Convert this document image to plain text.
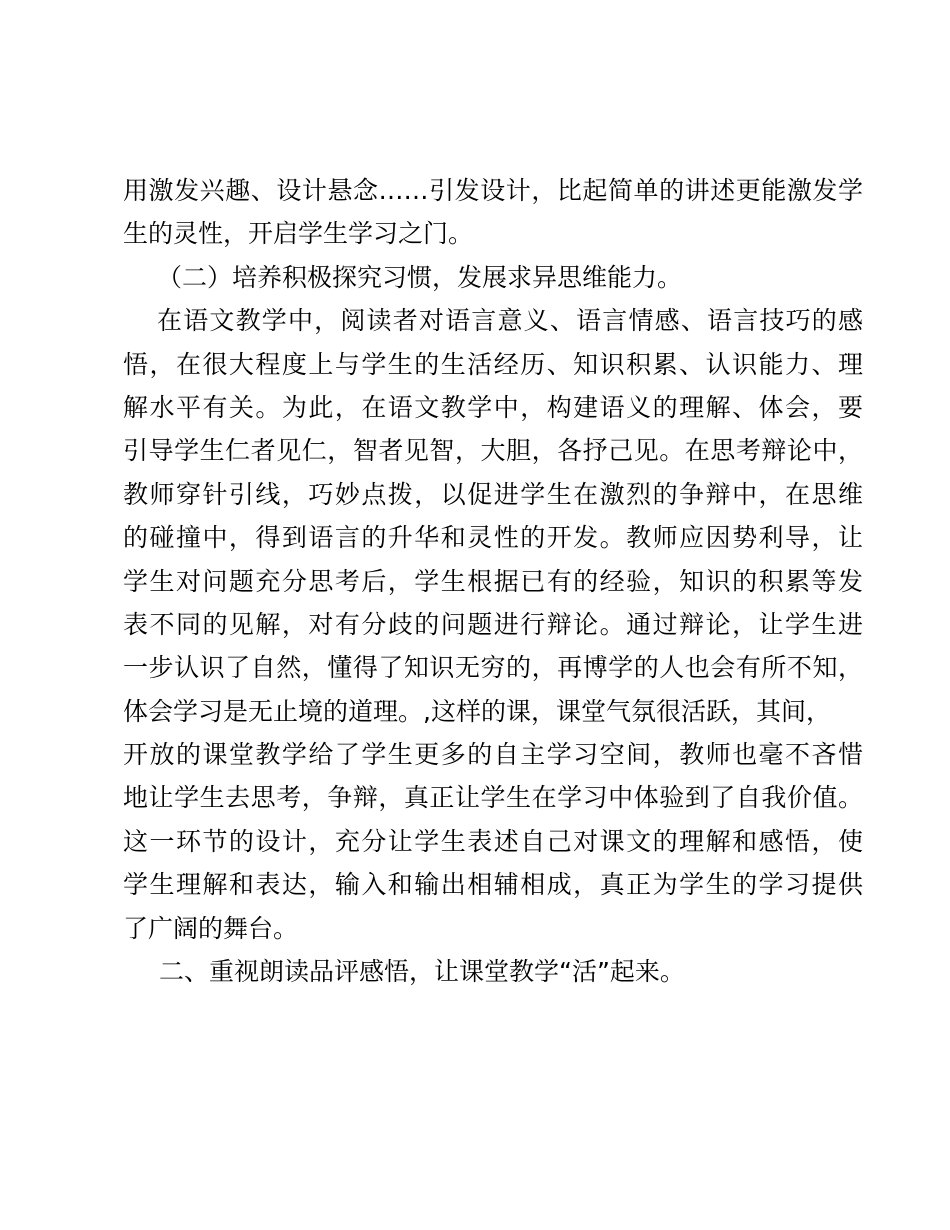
用激发兴趣、设计悬念……引发设计，比起简单的讲述更能激发学
生的灵性，开启学生学习之门。
（二）培养积极探究习惯，发展求异思维能力。
在语文教学中，阅读者对语言意义、语言情感、语言技巧的感
悟，在很大程度上与学生的生活经历、知识积累、认识能力、理
解水平有关。为此，在语文教学中，构建语义的理解、体会，要
引导学生仁者见仁，智者见智，大胆，各抒己见。在思考辩论中，
教师穿针引线，巧妙点拨，以促进学生在激烈的争辩中，在思维
的碰撞中，得到语言的升华和灵性的开发。教师应因势利导，让
学生对问题充分思考后，学生根据已有的经验，知识的积累等发
表不同的见解，对有分歧的问题进行辩论。通过辩论，让学生进
一步认识了自然，懂得了知识无穷的，再博学的人也会有所不知，
体会学习是无止境的道理。,这样的课，课堂气氛很活跃，其间，
开放的课堂教学给了学生更多的自主学习空间，教师也毫不吝惜
地让学生去思考，争辩，真正让学生在学习中体验到了自我价值。
这一环节的设计，充分让学生表述自己对课文的理解和感悟，使
学生理解和表达，输入和输出相辅相成，真正为学生的学习提供
了广阔的舞台。
二、重视朗读品评感悟，让课堂教学“活”起来。
